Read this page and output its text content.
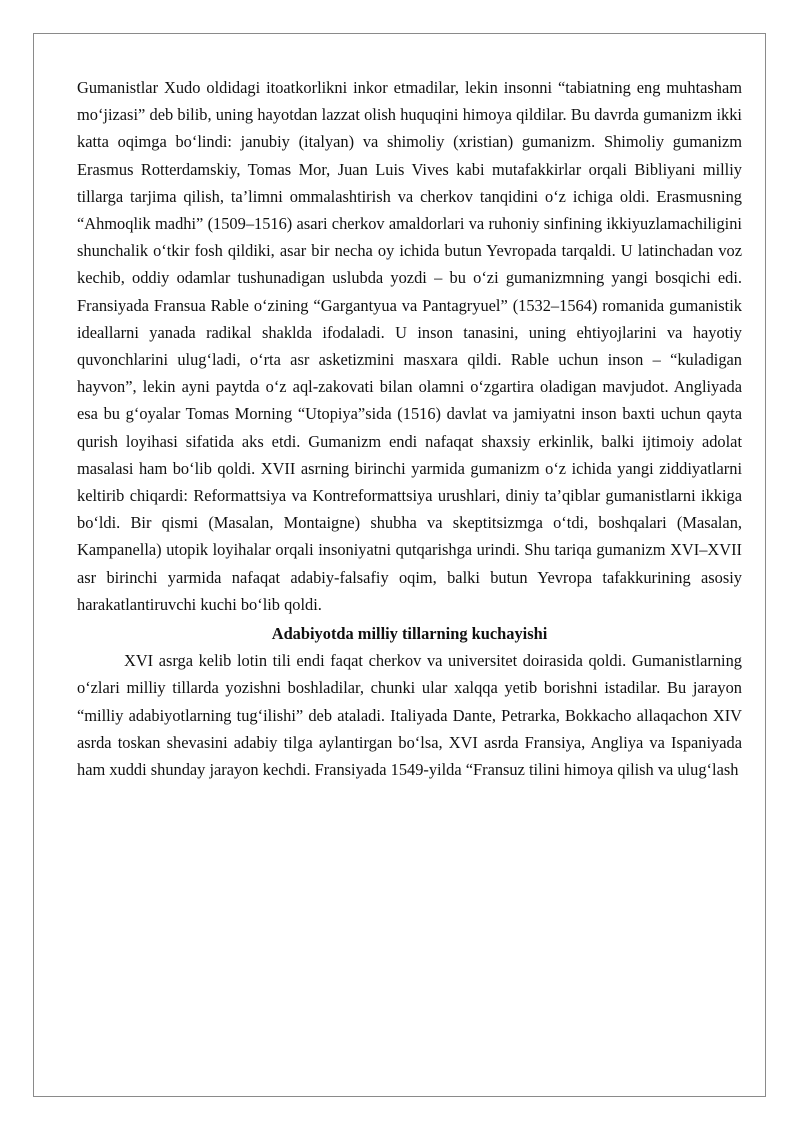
Gumanistlar Xudo oldidagi itoatkorlikni inkor etmadilar, lekin insonni “tabiatning eng muhtasham mo‘jizasi” deb bilib, uning hayotdan lazzat olish huquqini himoya qildilar. Bu davrda gumanizm ikki katta oqimga bo‘lindi: janubiy (italyan) va shimoliy (xristian) gumanizm. Shimoliy gumanizm Erasmus Rotterdamskiy, Tomas Mor, Juan Luis Vives kabi mutafakkirlar orqali Bibliyani milliy tillarga tarjima qilish, ta’limni ommalashtirish va cherkov tanqidini o‘z ichiga oldi. Erasmusning “Ahmoqlik madhi” (1509–1516) asari cherkov amaldorlari va ruhoniy sinfining ikkiyuzlamachiligini shunchalik o‘tkir fosh qildiki, asar bir necha oy ichida butun Yevropada tarqaldi. U latinchadan voz kechib, oddiy odamlar tushunadigan uslubda yozdi – bu o‘zi gumanizmning yangi bosqichi edi. Fransiyada Fransua Rable o‘zining “Gargantyua va Pantagryuel” (1532–1564) romanida gumanistik ideallarni yanada radikal shaklda ifodaladi. U inson tanasini, uning ehtiyojlarini va hayotiy quvonchlarini ulug‘ladi, o‘rta asr asketizmini masxara qildi. Rable uchun inson – “kuladigan hayvon”, lekin ayni paytda o‘z aql-zakovati bilan olamni o‘zgartira oladigan mavjudot. Angliyada esa bu g‘oyalar Tomas Morning “Utopiya”sida (1516) davlat va jamiyatni inson baxti uchun qayta qurish loyihasi sifatida aks etdi. Gumanizm endi nafaqat shaxsiy erkinlik, balki ijtimoiy adolat masalasi ham bo‘lib qoldi. XVII asrning birinchi yarmida gumanizm o‘z ichida yangi ziddiyatlarni keltirib chiqardi: Reformattsiya va Kontreformattsiya urushlari, diniy ta’qiblar gumanistlarni ikkiga bo‘ldi. Bir qismi (Masalan, Montaigne) shubha va skeptitsizmga o‘tdi, boshqalari (Masalan, Kampanella) utopik loyihalar orqali insoniyatni qutqarishga urindi. Shu tariqa gumanizm XVI–XVII asr birinchi yarmida nafaqat adabiy-falsafiy oqim, balki butun Yevropa tafakkurining asosiy harakatlantiruvchi kuchi bo‘lib qoldi.

Adabiyotda milliy tillarning kuchayishi

XVI asrga kelib lotin tili endi faqat cherkov va universitet doirasida qoldi. Gumanistlarning o‘zlari milliy tillarda yozishni boshladilar, chunki ular xalqqa yetib borishni istadilar. Bu jarayon “milliy adabiyotlarning tug‘ilishi” deb ataladi. Italiyada Dante, Petrarka, Bokkacho allaqachon XIV asrda toskan shevasini adabiy tilga aylantirgan bo‘lsa, XVI asrda Fransiya, Angliya va Ispaniyada ham xuddi shunday jarayon kechdi. Fransiyada 1549-yilda “Fransuz tilini himoya qilish va ulug‘lash
